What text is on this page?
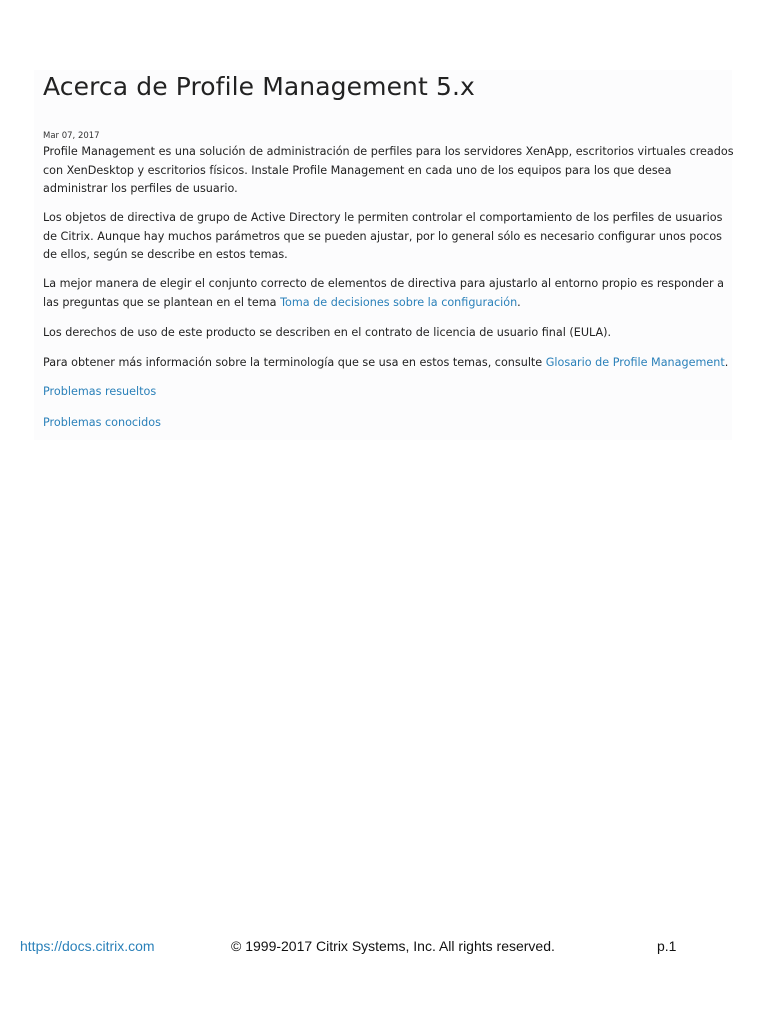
Acerca de Profile Management 5.x
Mar 07, 2017

Profile Management es una solución de administración de perfiles para los servidores XenApp, escritorios virtuales creados con XenDesktop y escritorios físicos. Instale Profile Management en cada uno de los equipos para los que desea administrar los perfiles de usuario.

Los objetos de directiva de grupo de Active Directory le permiten controlar el comportamiento de los perfiles de usuarios de Citrix. Aunque hay muchos parámetros que se pueden ajustar, por lo general sólo es necesario configurar unos pocos de ellos, según se describe en estos temas.

La mejor manera de elegir el conjunto correcto de elementos de directiva para ajustarlo al entorno propio es responder a las preguntas que se plantean en el tema Toma de decisiones sobre la configuración.

Los derechos de uso de este producto se describen en el contrato de licencia de usuario final (EULA).

Para obtener más información sobre la terminología que se usa en estos temas, consulte Glosario de Profile Management.

Problemas resueltos
Problemas conocidos
https://docs.citrix.com	© 1999-2017 Citrix Systems, Inc. All rights reserved.	p.1
